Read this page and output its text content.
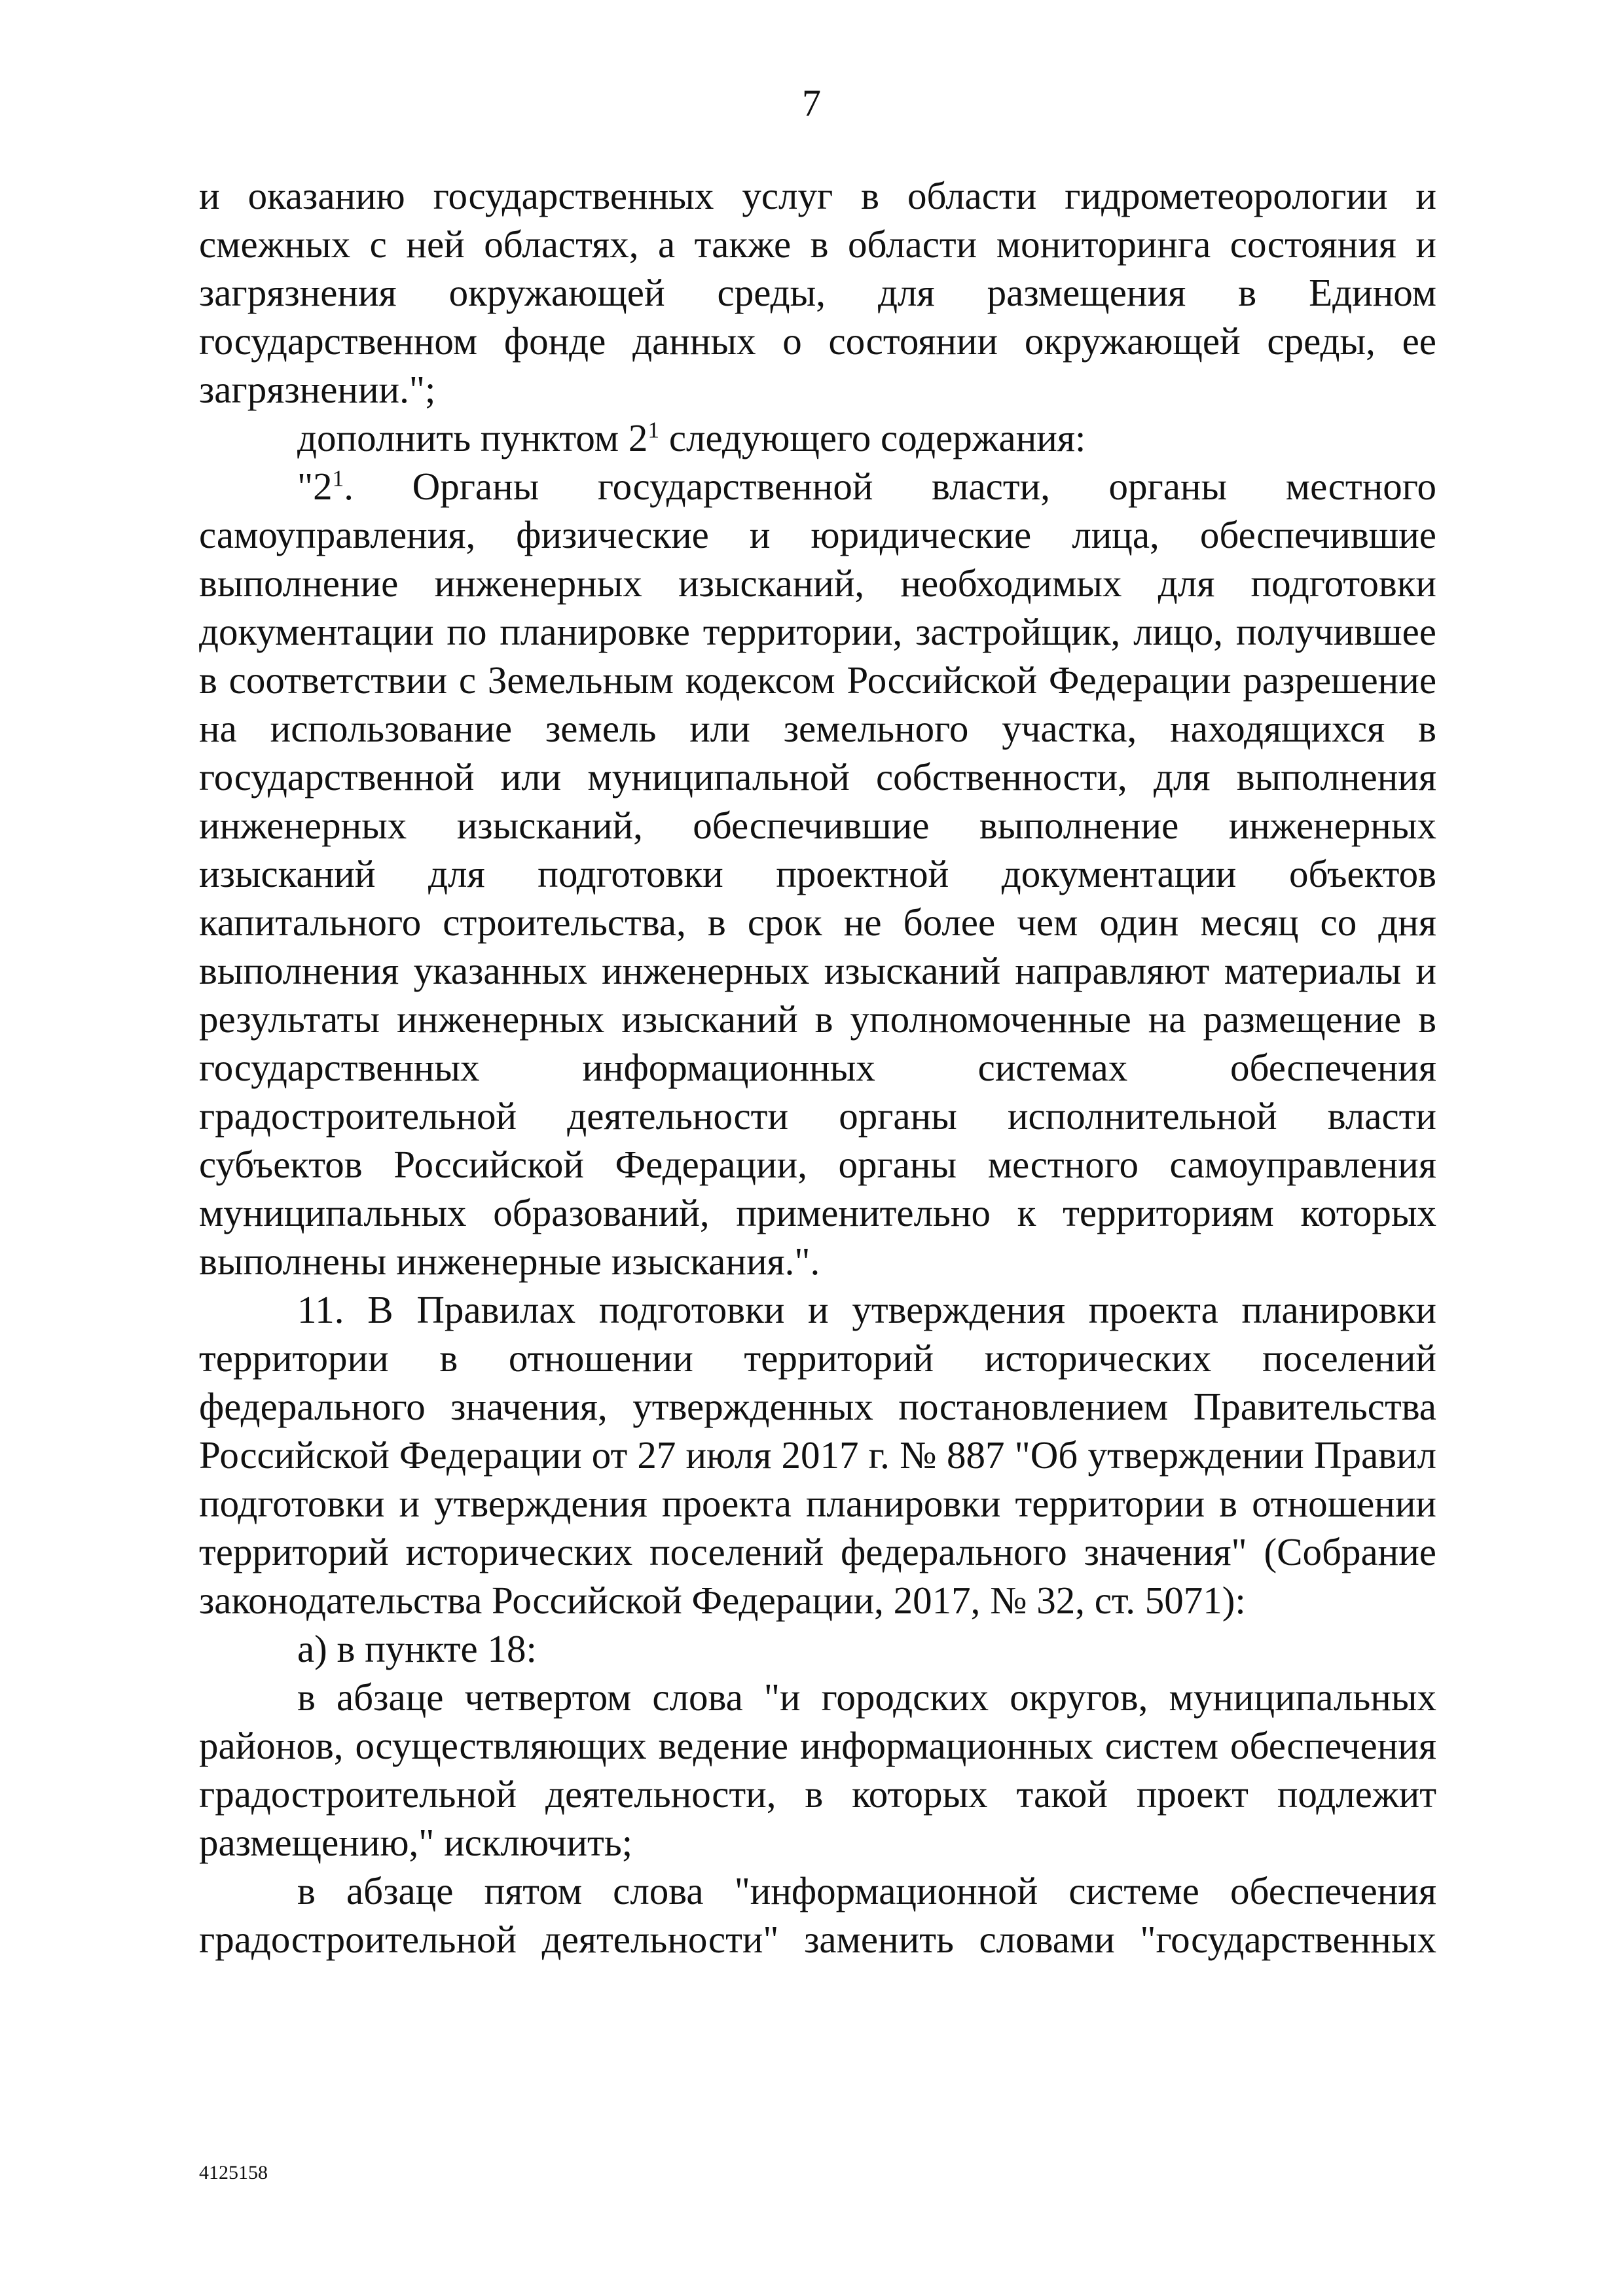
7

и оказанию государственных услуг в области гидрометеорологии и смежных с ней областях, а также в области мониторинга состояния и загрязнения окружающей среды, для размещения в Едином государственном фонде данных о состоянии окружающей среды, ее загрязнении.";

дополнить пунктом $2^1$ следующего содержания:

"$2^1$. Органы государственной власти, органы местного самоуправления, физические и юридические лица, обеспечившие выполнение инженерных изысканий, необходимых для подготовки документации по планировке территории, застройщик, лицо, получившее в соответствии с Земельным кодексом Российской Федерации разрешение на использование земель или земельного участка, находящихся в государственной или муниципальной собственности, для выполнения инженерных изысканий, обеспечившие выполнение инженерных изысканий для подготовки проектной документации объектов капитального строительства, в срок не более чем один месяц со дня выполнения указанных инженерных изысканий направляют материалы и результаты инженерных изысканий в уполномоченные на размещение в государственных информационных системах обеспечения градостроительной деятельности органы исполнительной власти субъектов Российской Федерации, органы местного самоуправления муниципальных образований, применительно к территориям которых выполнены инженерные изыскания.".

11. В Правилах подготовки и утверждения проекта планировки территории в отношении территорий исторических поселений федерального значения, утвержденных постановлением Правительства Российской Федерации от 27 июля 2017 г. № 887 "Об утверждении Правил подготовки и утверждения проекта планировки территории в отношении территорий исторических поселений федерального значения" (Собрание законодательства Российской Федерации, 2017, № 32, ст. 5071):

а) в пункте 18:

в абзаце четвертом слова "и городских округов, муниципальных районов, осуществляющих ведение информационных систем обеспечения градостроительной деятельности, в которых такой проект подлежит размещению," исключить;

в абзаце пятом слова "информационной системе обеспечения градостроительной деятельности" заменить словами "государственных

4125158
